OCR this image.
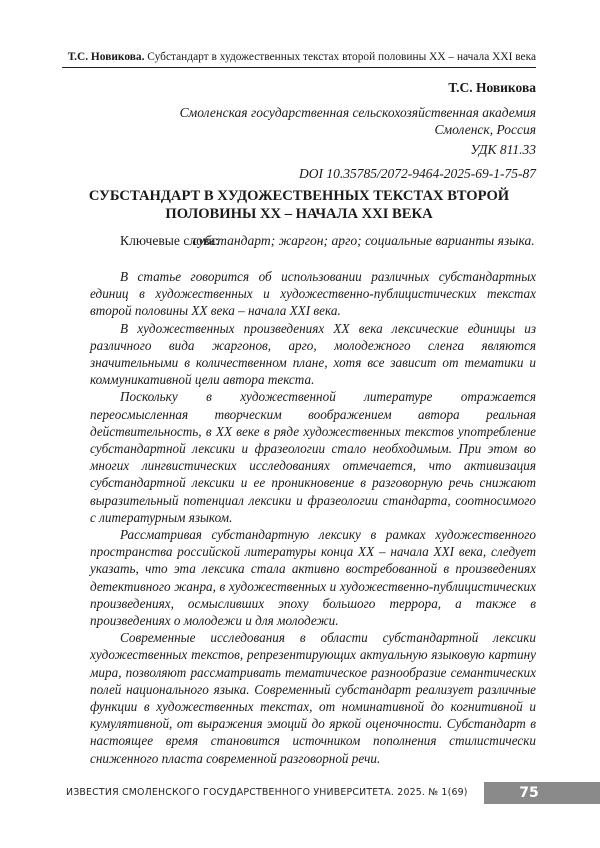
Т.С. Новикова. Субстандарт в художественных текстах второй половины XX – начала XXI века
Т.С. Новикова
Смоленская государственная сельскохозяйственная академия
Смоленск, Россия
УДК 811.33
DOI 10.35785/2072-9464-2025-69-1-75-87
СУБСТАНДАРТ В ХУДОЖЕСТВЕННЫХ ТЕКСТАХ ВТОРОЙ
ПОЛОВИНЫ ХХ – НАЧАЛА XXI ВЕКА
Ключевые слова: субстандарт; жаргон; арго; социальные варианты языка.

В статье говорится об использовании различных субстандартных единиц в художественных и художественно-публицистических текстах второй половины ХХ века – начала XXI века.

В художественных произведениях XX века лексические единицы из различного вида жаргонов, арго, молодежного сленга являются значительными в количественном плане, хотя все зависит от тематики и коммуникативной цели автора текста.

Поскольку в художественной литературе отражается переосмысленная творческим воображением автора реальная действительность, в XX веке в ряде художественных текстов употребление субстандартной лексики и фразеологии стало необходимым. При этом во многих лингвистических исследованиях отмечается, что активизация субстандартной лексики и ее проникновение в разговорную речь снижают выразительный потенциал лексики и фразеологии стандарта, соотносимого с литературным языком.

Рассматривая субстандартную лексику в рамках художественного пространства российской литературы конца XX – начала XXI века, следует указать, что эта лексика стала активно востребованной в произведениях детективного жанра, в художественных и художественно-публицистических произведениях, осмысливших эпоху большого террора, а также в произведениях о молодежи и для молодежи.

Современные исследования в области субстандартной лексики художественных текстов, репрезентирующих актуальную языковую картину мира, позволяют рассматривать тематическое разнообразие семантических полей национального языка. Современный субстандарт реализует различные функции в художественных текстах, от номинативной до когнитивной и кумулятивной, от выражения эмоций до яркой оценочности. Субстандарт в настоящее время становится источником пополнения стилистически сниженного пласта современной разговорной речи.

ИЗВЕСТИЯ СМОЛЕНСКОГО ГОСУДАРСТВЕННОГО УНИВЕРСИТЕТА. 2025. № 1(69)	75
